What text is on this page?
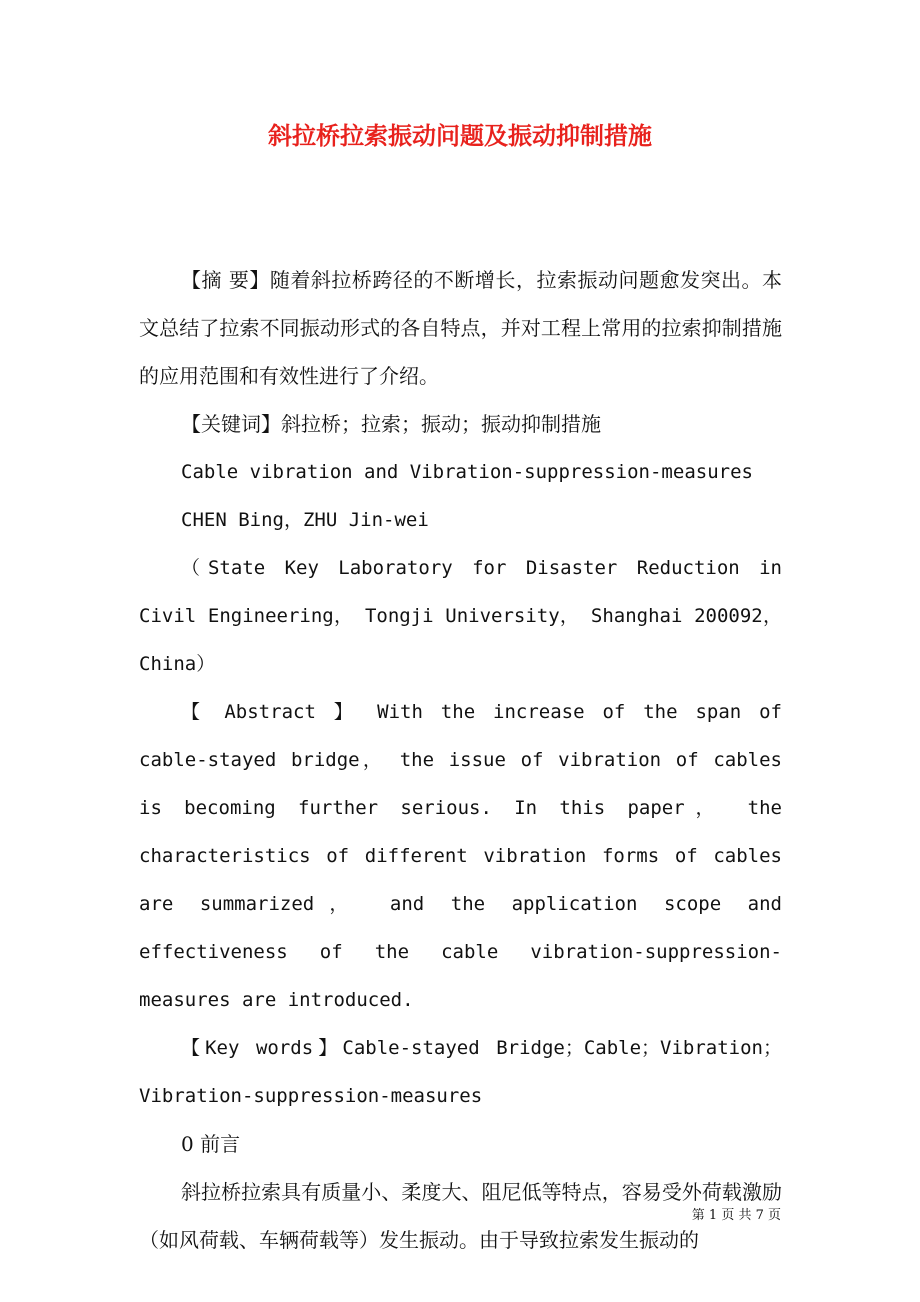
斜拉桥拉索振动问题及振动抑制措施

【摘 要】随着斜拉桥跨径的不断增长，拉索振动问题愈发突出。本文总结了拉索不同振动形式的各自特点，并对工程上常用的拉索抑制措施的应用范围和有效性进行了介绍。

【关键词】斜拉桥；拉索；振动；振动抑制措施

Cable vibration and Vibration-suppression-measures

CHEN Bing，ZHU Jin-wei

（State Key Laboratory for Disaster Reduction in Civil Engineering， Tongji University， Shanghai 200092，China）

【 Abstract 】 With the increase of the span of cable-stayed bridge， the issue of vibration of cables is becoming further serious. In this paper， the characteristics of different vibration forms of cables are summarized， and the application scope and effectiveness of the cable vibration-suppression-measures are introduced.

【Key words】Cable-stayed Bridge；Cable；Vibration；Vibration-suppression-measures

0 前言

斜拉桥拉索具有质量小、柔度大、阻尼低等特点，容易受外荷载激励（如风荷载、车辆荷载等）发生振动。由于导致拉索发生振动的

第 1 页 共 7 页
